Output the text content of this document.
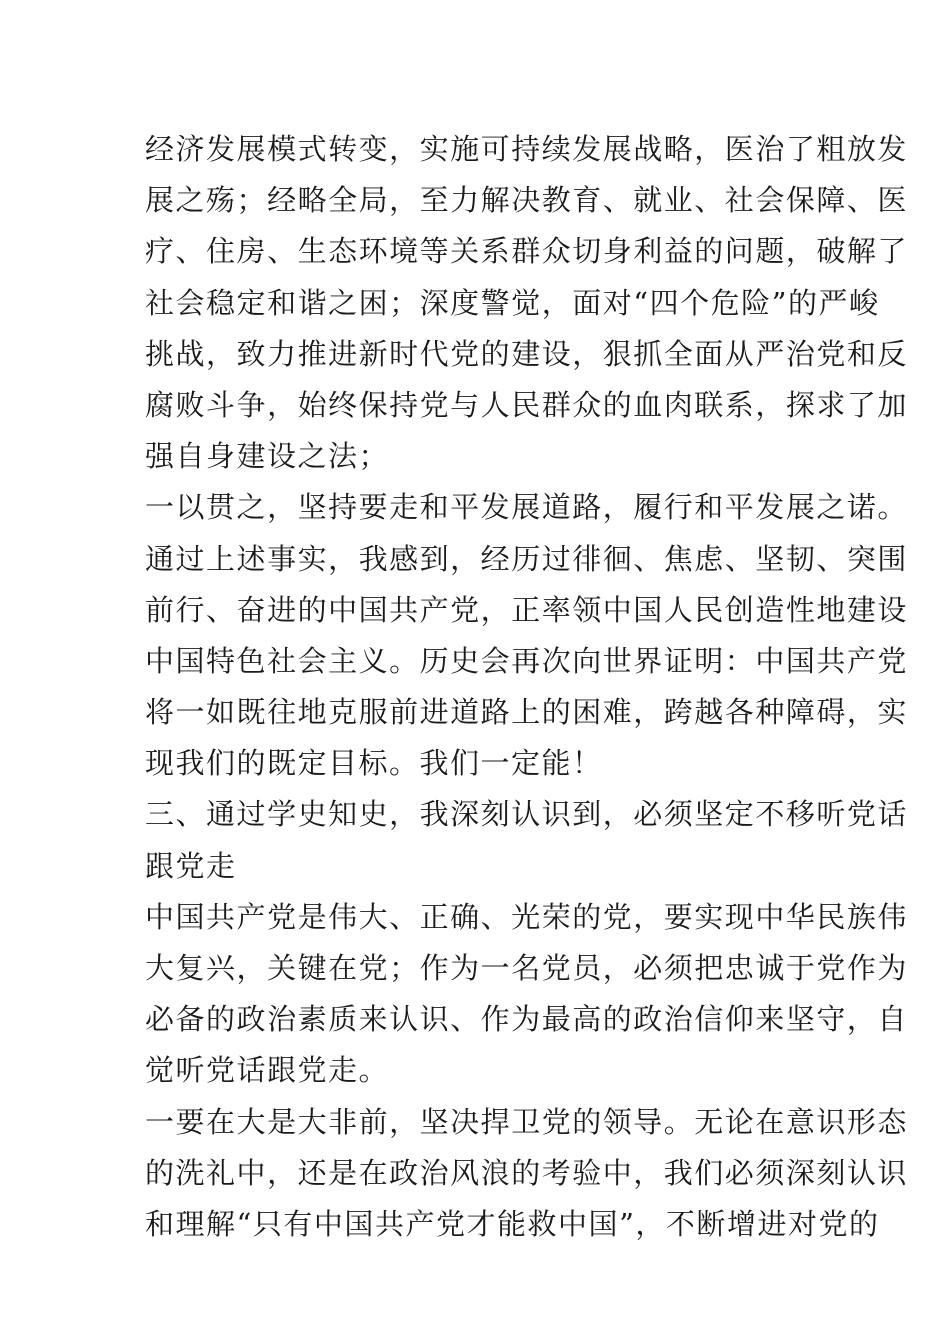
经 济 发 展 模 式 转 变 ， 实 施 可 持 续 发 展 战 略 ， 医 治 了 粗 放 发
展 之 殇 ； 经 略 全 局 ， 至 力 解 决 教 育 、 就 业 、 社 会 保 障 、 医
疗 、 住 房 、 生 态 环 境 等 关 系 群 众 切 身 利 益 的 问 题 ， 破 解 了
社 会 稳 定 和 谐 之 困 ； 深 度 警 觉 ， 面 对 “ 四 个 危 险 ” 的 严 峻
挑 战 ， 致 力 推 进 新 时 代 党 的 建 设 ， 狠 抓 全 面 从 严 治 党 和 反
腐 败 斗 争 ， 始 终 保 持 党 与 人 民 群 众 的 血 肉 联 系 ， 探 求 了 加
强自身建设之法；
一 以 贯 之 ， 坚 持 要 走 和 平 发 展 道 路 ， 履 行 和 平 发 展 之 诺 。
通 过 上 述 事 实 ， 我 感 到 ， 经 历 过 徘 徊 、 焦 虑 、 坚 韧 、 突 围
前 行 、 奋 进 的 中 国 共 产 党 ， 正 率 领 中 国 人 民 创 造 性 地 建 设
中 国 特 色 社 会 主 义 。 历 史 会 再 次 向 世 界 证 明 ： 中 国 共 产 党
将 一 如 既 往 地 克 服 前 进 道 路 上 的 困 难 ， 跨 越 各 种 障 碍 ， 实
现我们的既定目标。我们一定能！
三 、 通 过 学 史 知 史 ， 我 深 刻 认 识 到 ， 必 须 坚 定 不 移 听 党 话
跟党走
中 国 共 产 党 是 伟 大 、 正 确 、 光 荣 的 党 ， 要 实 现 中 华 民 族 伟
大 复 兴 ， 关 键 在 党 ； 作 为 一 名 党 员 ， 必 须 把 忠 诚 于 党 作 为
必 备 的 政 治 素 质 来 认 识 、 作 为 最 高 的 政 治 信 仰 来 坚 守 ， 自
觉听党话跟党走。
一 要 在 大 是 大 非 前 ， 坚 决 捍 卫 党 的 领 导 。 无 论 在 意 识 形 态
的 洗 礼 中 ， 还 是 在 政 治 风 浪 的 考 验 中 ， 我 们 必 须 深 刻 认 识
和 理 解 “ 只 有 中 国 共 产 党 才 能 救 中 国 ” ， 不 断 增 进 对 党 的
